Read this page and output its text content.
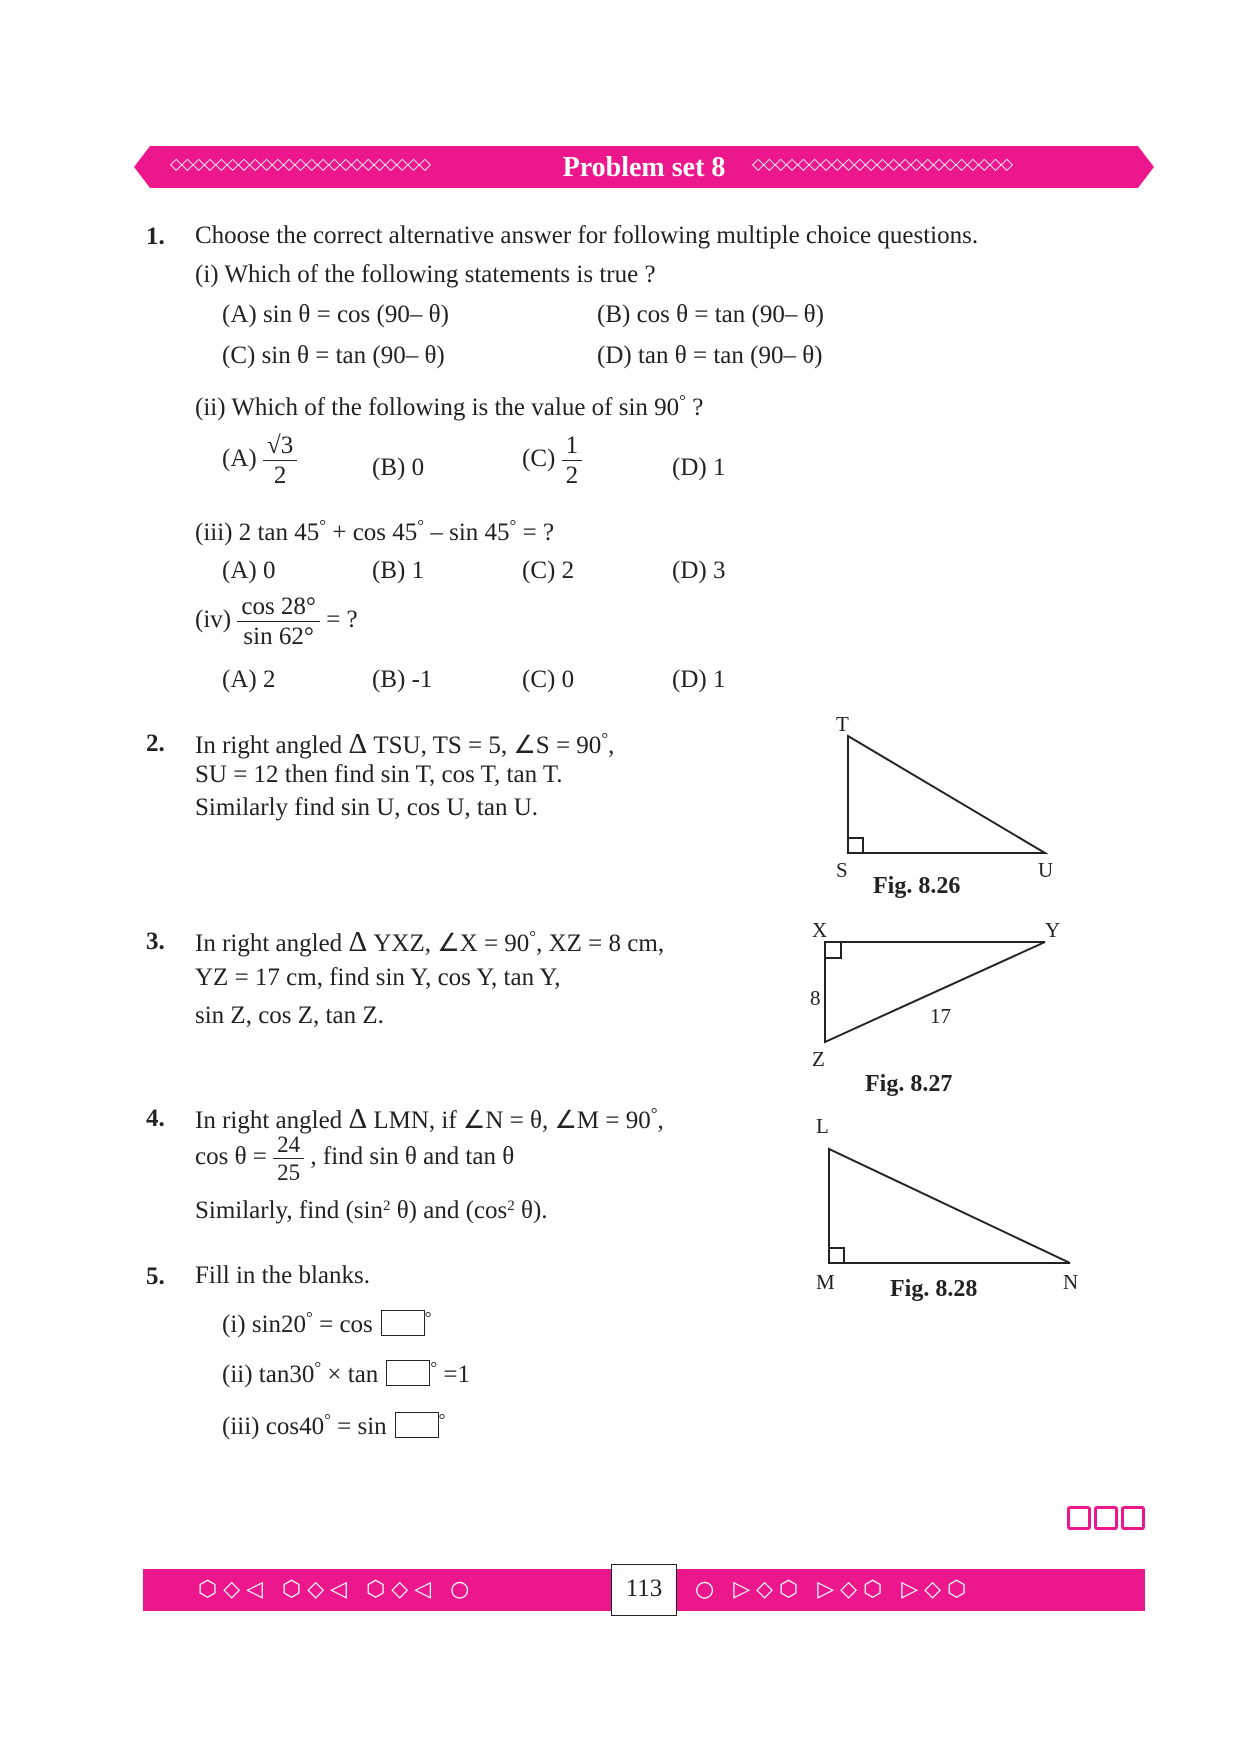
◇◇◇◇◇◇◇◇◇◇◇◇◇◇◇◇◇◇◇◇◇◇◇	Problem set 8	◇◇◇◇◇◇◇◇◇◇◇◇◇◇◇◇◇◇◇◇◇◇◇
1. Choose the correct alternative answer for following multiple choice questions.
(i) Which of the following statements is true ?
(A) sin θ = cos (90– θ)	(B) cos θ = tan (90– θ)
(C) sin θ = tan (90– θ)	(D) tan θ = tan (90– θ)
(ii) Which of the following is the value of sin 90° ?
$(A) \frac{√3}{2}$	(B) 0	$(C) \frac{1}{2}$	(D) 1
(iii) 2 tan 45° + cos 45° – sin 45° = ?
(A) 0	(B) 1	(C) 2	(D) 3
$(iv) \frac{\cos 28^\circ}{\sin 62^\circ}$ = ?
(A) 2	(B) -1	(C) 0	(D) 1
2. In right angled Δ TSU, TS = 5, ∠S = 90°,
SU = 12 then find sin T, cos T, tan T.
Similarly find sin U, cos U, tan U.
T
S	U
Fig. 8.26
3. In right angled Δ YXZ, ∠X = 90°, XZ = 8 cm,
YZ = 17 cm, find sin Y, cos Y, tan Y,
sin Z, cos Z, tan Z.
X	Y
Z
8
17
Fig. 8.27
4. In right angled Δ LMN, if ∠N = θ, ∠M = 90°,
$\cos \theta = \frac{24}{25}$ , find sin θ and tan θ
Similarly, find ($\sin^2$ θ) and ($\cos^2$ θ).
L
M	N
Fig. 8.28
5. Fill in the blanks.
(i) sin20° = cos	°
(ii) tan30° × tan	° =1
(iii) cos40° = sin	°
⬡◇◁ ⬡◇◁ ⬡◇◁ ○	○ ▷◇⬡ ▷◇⬡ ▷◇⬡
113
